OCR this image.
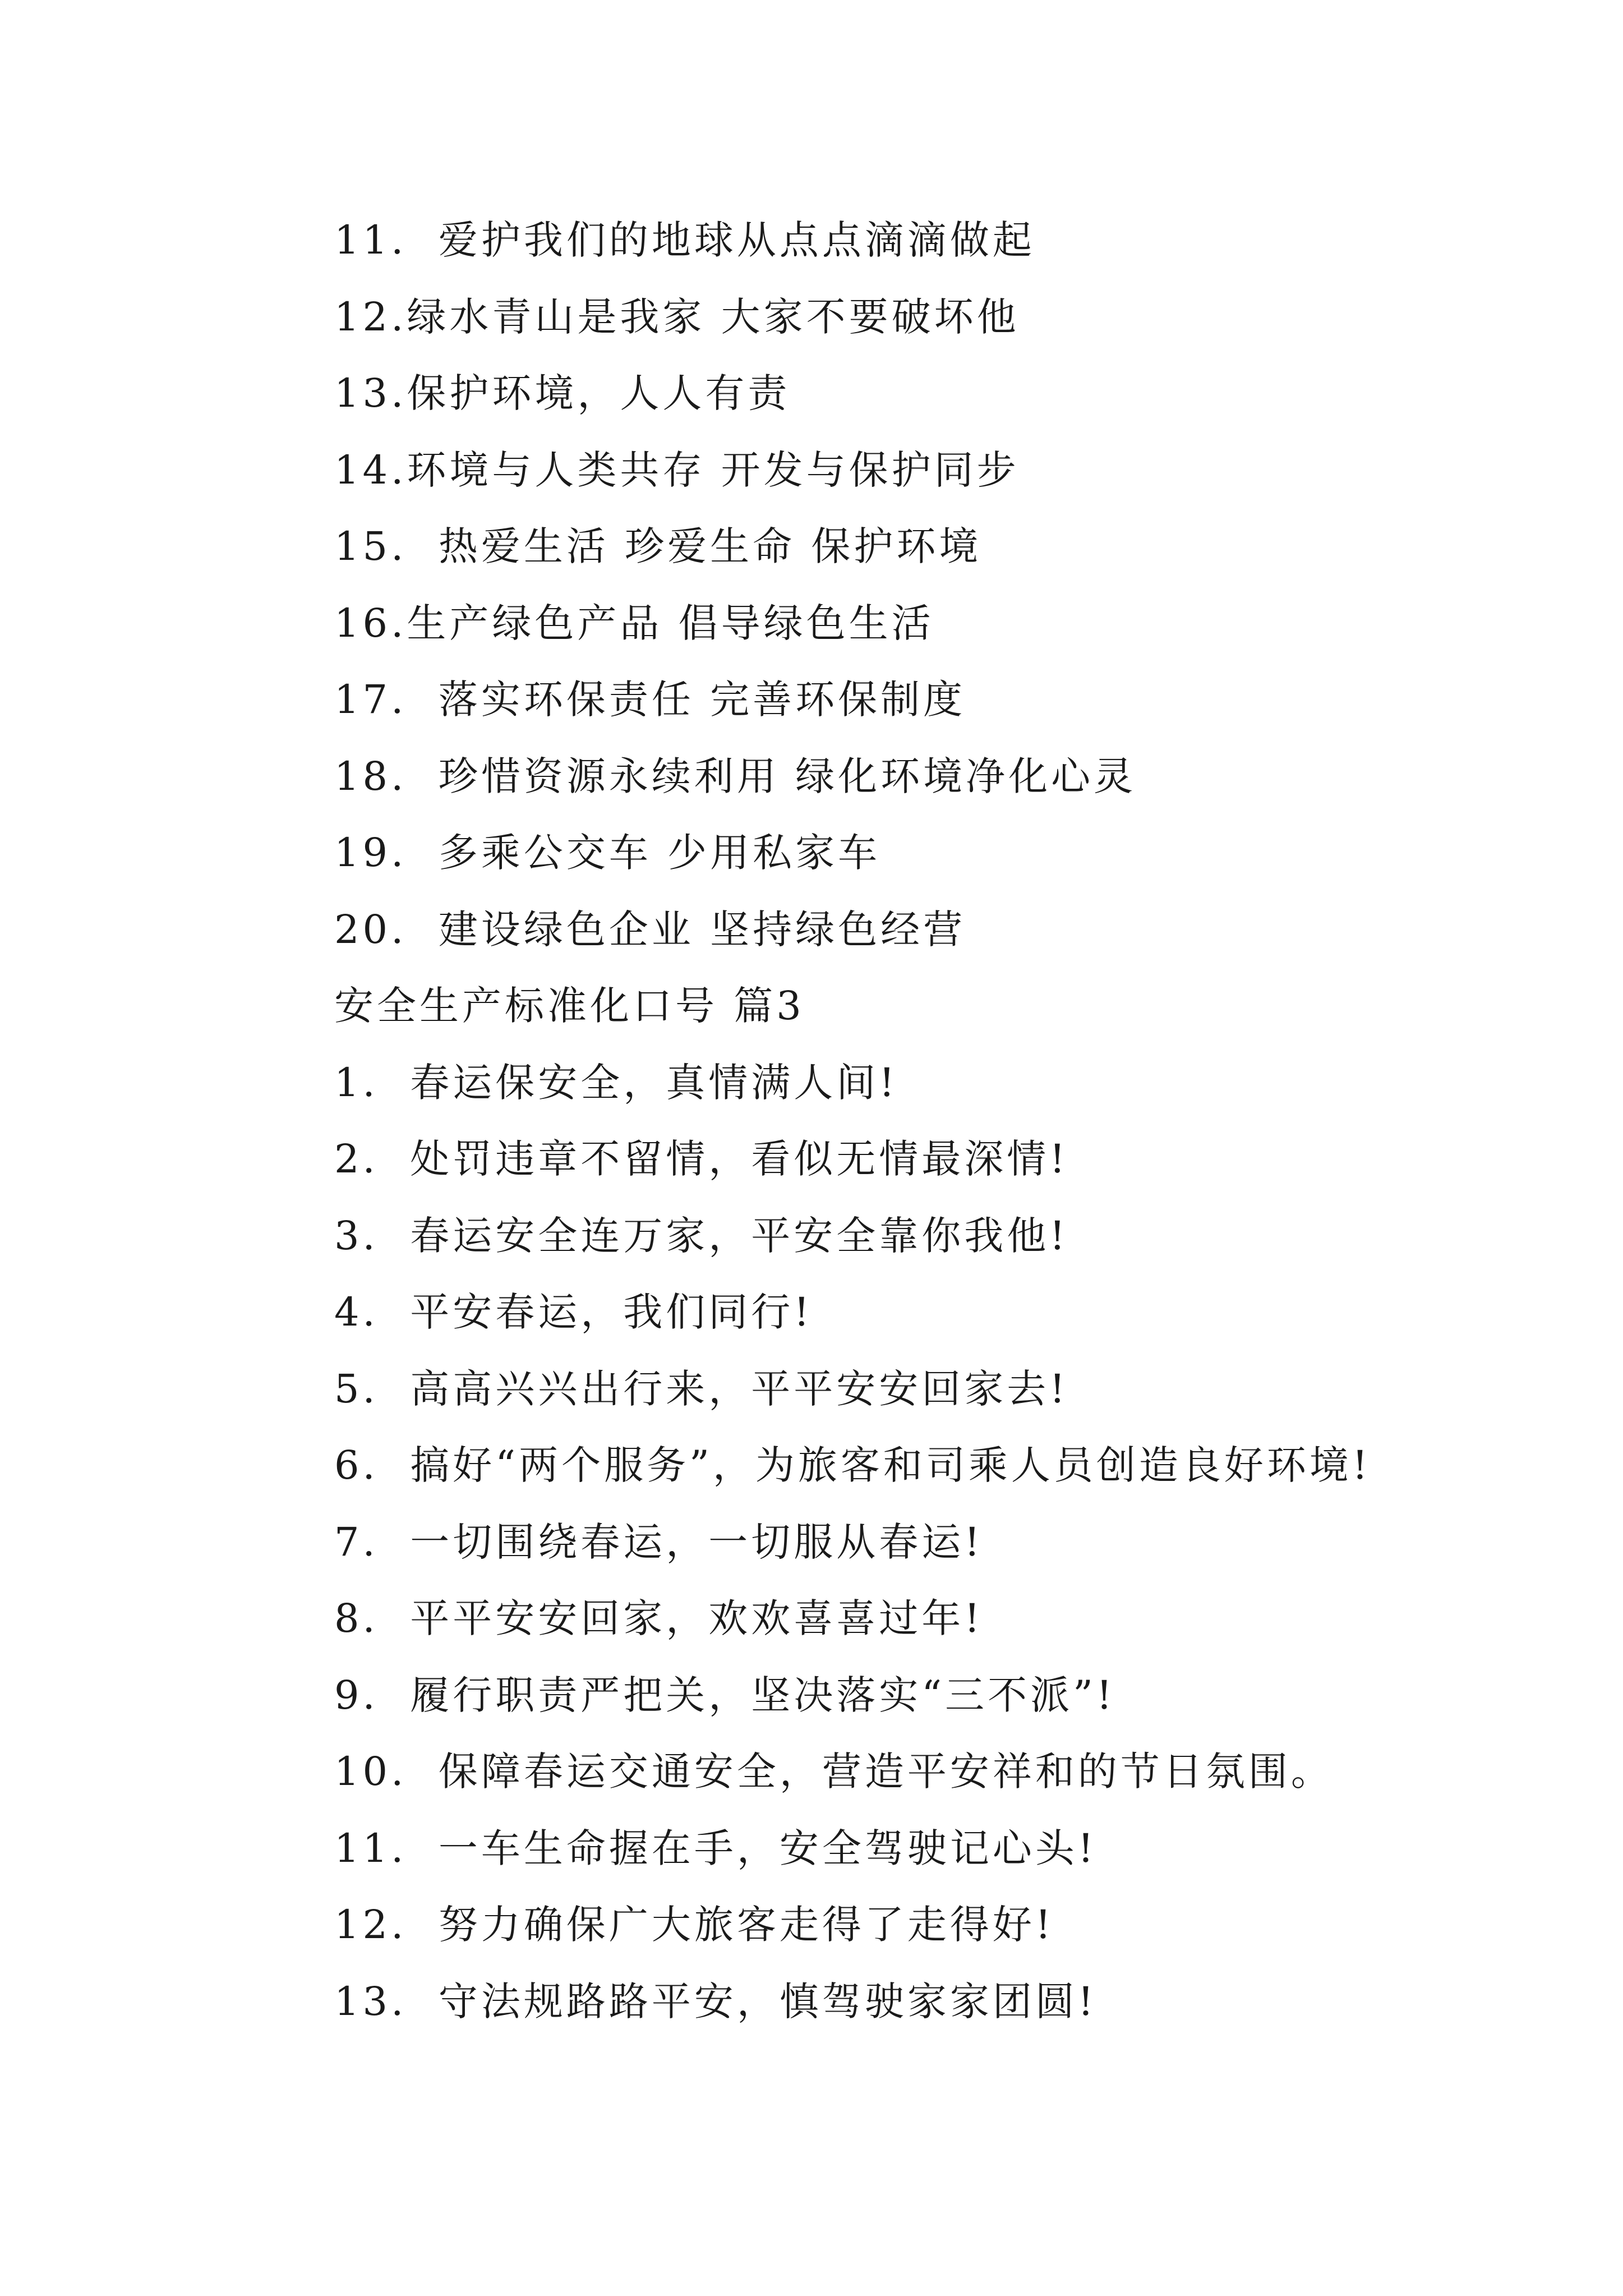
11.  爱护我们的地球从点点滴滴做起
12.绿水青山是我家 大家不要破坏他
13.保护环境，人人有责
14.环境与人类共存 开发与保护同步
15.  热爱生活 珍爱生命 保护环境
16.生产绿色产品 倡导绿色生活
17.  落实环保责任 完善环保制度
18.  珍惜资源永续利用 绿化环境净化心灵
19.  多乘公交车 少用私家车
20.  建设绿色企业 坚持绿色经营
安全生产标准化口号 篇3
1.  春运保安全，真情满人间!
2.  处罚违章不留情，看似无情最深情!
3.  春运安全连万家，平安全靠你我他!
4.  平安春运，我们同行!
5.  高高兴兴出行来，平平安安回家去!
6.  搞好“两个服务”，为旅客和司乘人员创造良好环境!
7.  一切围绕春运，一切服从春运!
8.  平平安安回家，欢欢喜喜过年!
9.  履行职责严把关，坚决落实“三不派”!
10.  保障春运交通安全，营造平安祥和的节日氛围。
11.  一车生命握在手，安全驾驶记心头!
12.  努力确保广大旅客走得了走得好!
13.  守法规路路平安，慎驾驶家家团圆!
